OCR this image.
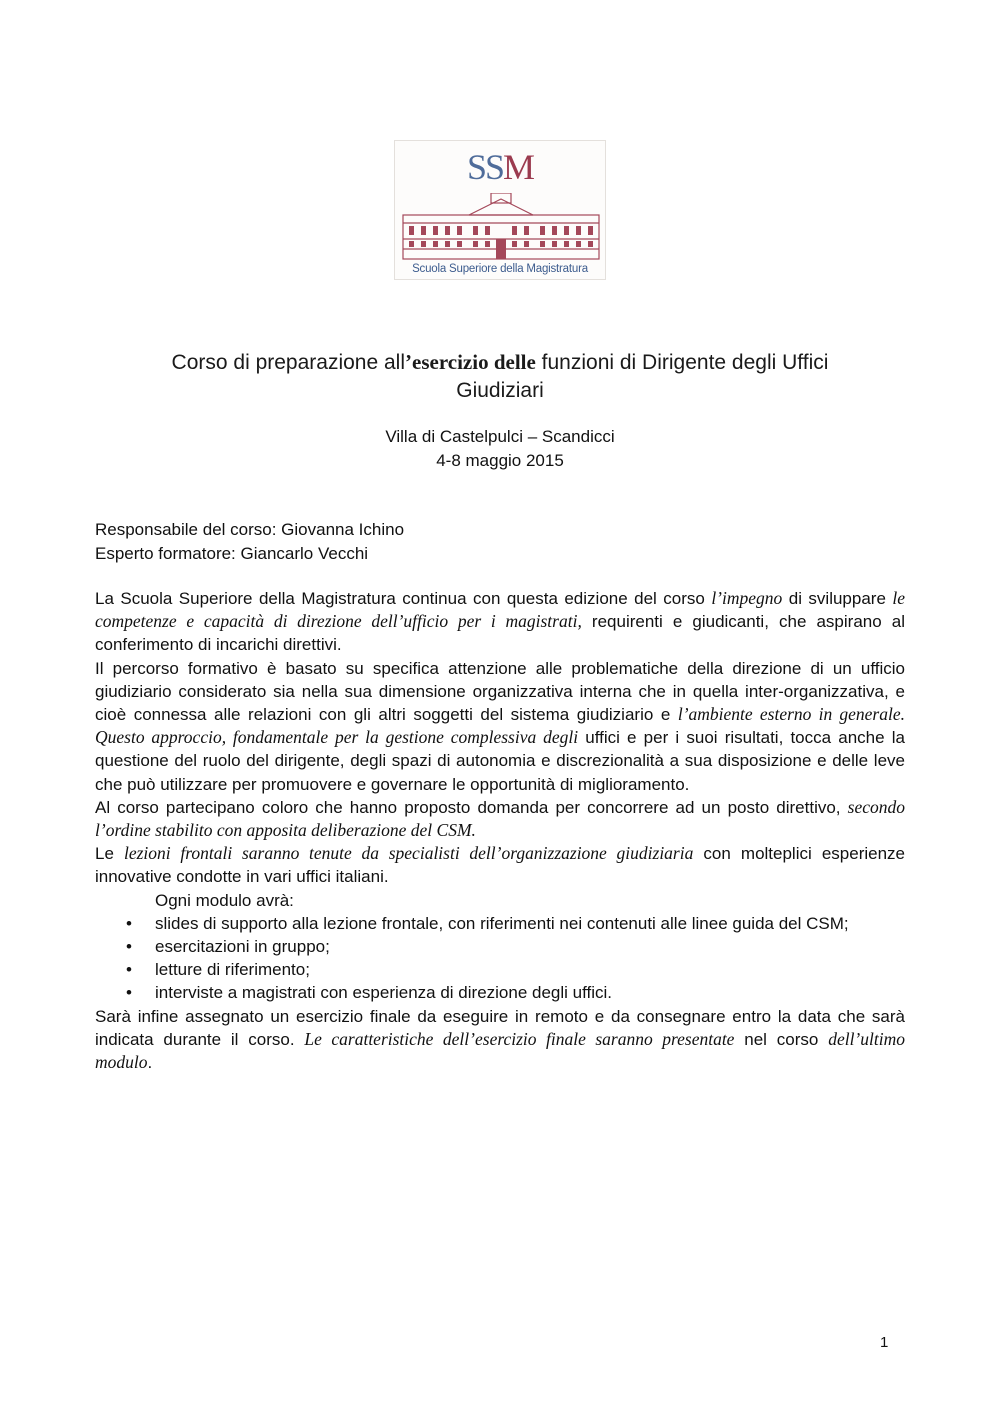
SSM
Scuola Superiore della Magistratura
Corso di preparazione all’esercizio delle funzioni di Dirigente degli Uffici
Giudiziari
Villa di Castelpulci – Scandicci
4-8 maggio 2015
Responsabile del corso: Giovanna Ichino
Esperto formatore: Giancarlo Vecchi

La Scuola Superiore della Magistratura continua con questa edizione del corso l’impegno di sviluppare le competenze e capacità di direzione dell’ufficio per i magistrati, requirenti e giudicanti, che aspirano al conferimento di incarichi direttivi.

Il percorso formativo è basato su specifica attenzione alle problematiche della direzione di un ufficio giudiziario considerato sia nella sua dimensione organizzativa interna che in quella inter-organizzativa, e cioè connessa alle relazioni con gli altri soggetti del sistema giudiziario e l’ambiente esterno in generale. Questo approccio, fondamentale per la gestione complessiva degli uffici e per i suoi risultati, tocca anche la questione del ruolo del dirigente, degli spazi di autonomia e discrezionalità a sua disposizione e delle leve che può utilizzare per promuovere e governare le opportunità di miglioramento.

Al corso partecipano coloro che hanno proposto domanda per concorrere ad un posto direttivo, secondo l’ordine stabilito con apposita deliberazione del CSM.

Le lezioni frontali saranno tenute da specialisti dell’organizzazione giudiziaria con molteplici esperienze innovative condotte in vari uffici italiani.

Ogni modulo avrà:

• slides di supporto alla lezione frontale, con riferimenti nei contenuti alle linee guida del CSM;
• esercitazioni in gruppo;
• letture di riferimento;
• interviste a magistrati con esperienza di direzione degli uffici.

Sarà infine assegnato un esercizio finale da eseguire in remoto e da consegnare entro la data che sarà indicata durante il corso. Le caratteristiche dell’esercizio finale saranno presentate nel corso dell’ultimo modulo.

1
